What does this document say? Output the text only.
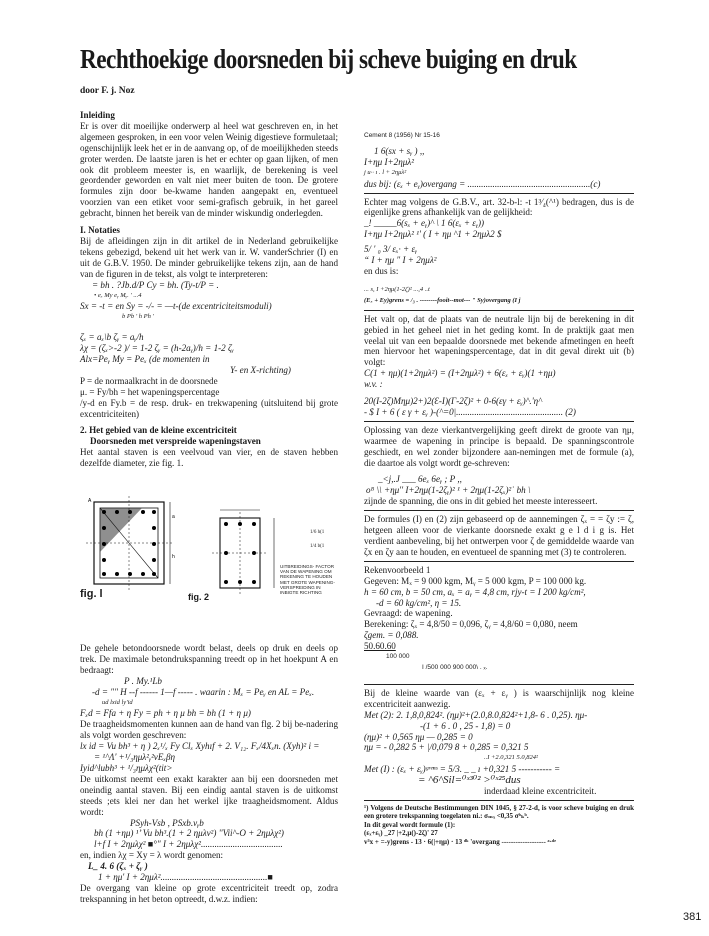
Rechthoekige doorsneden bij scheve buiging en druk
door F. j. Noz

Inleiding

Er is over dit moeilijke onderwerp al heel wat geschreven en, in het algemeen gesproken, in een voor velen Weinig digestieve formuletaal; ogenschijnlijk leek het er in de aanvang op, of de moeilijkheden steeds groter werden. De laatste jaren is het er echter op gaan lijken, of men ook dit probleem meester is, en waarlijk, de berekening is veel geordender geworden en valt niet meer buiten de toon. De grotere formules zijn door be-kwame handen aangepakt en, eventueel voorzien van een etiket voor semi-grafisch gebruik, in het gareel gebracht, binnen het bereik van de minder wiskundig onderlegden.

I. Notaties

Bij de afleidingen zijn in dit artikel de in Nederland gebruikelijke tekens gebezigd, bekend uit het werk van ir. W. vanderSchrier (I) en uit de G.B.V. 1950. De minder gebruikelijke tekens zijn, aan de hand van de figuren in de tekst, als volgt te interpreteren:

= bh . ?Jb.d/P Cy = bh. (Ty-t/P = .

• eₓ My eᵧ Mᵧ. ' ...4

Sx = -t = en Sy = -/- = —t-(de excentriciteitsmoduli)

b Pb ' h Ph '

ζₓ = aₓ\b ζᵧ = aᵧ/h

λχ = (ζₓ>-2 )/ = 1-2 ζᵧ = (h-2aᵧ)/h = 1-2 ζᵧ

Alx=Peᵧ My = Peₓ (de momenten in

Y- en X-richting)

P = de normaalkracht in de doorsnede

μ. = Fy/bh = het wapeningspercentage

/y-d en Fy.b = de resp. druk- en trekwapening (uitsluitend bij grote excentriciteiten)

2. Het gebied van de kleine excentriciteit

Doorsneden met verspreide wapeningstaven

Het aantal staven is een veelvoud van vier, en de staven hebben dezelfde diameter, zie fig. 1.

a
h
A
1/6 h(1
1/4 b(1
UITBREIDINGS- FACTOR VAN DE WAPENING OM REKENING TE HOUDEN MET GROTE WAPENING-VERSPREIDING IN INBIGTE RICHTING
fig. l	fig. 2

De gehele betondoorsnede wordt belast, deels op druk en deels op trek. De maximale betondrukspanning treedt op in het hoekpunt A en bedraagt:

P . My.¹Lb

-d = "" H --f ------ 1—f ----- . waarin : Mₓ = Peᵧ en AL = Peₓ.

ud lxid ly'id

Fₓd = Ffa + η Fy = ph + η μ bh = bh (1 + η μ)

De traagheidsmomenten kunnen aan de hand van flg. 2 bij be-nadering als volgt worden geschreven:

lx id = Vu bh³ + η ) 2ₓ¹/ₓ Fy Clₓ Xyhıf + 2. V₁₂. Fₓ/4Xₓn. (Xyh)² i =

= ¹^Λ' +¹/₃ημλ²ᵧ²νΕₓβη

Iyid^lubh³ + ¹/₃ημλχ²(tit>

De uitkomst neemt een exakt karakter aan bij een doorsneden met oneindig aantal staven. Bij een eindig aantal staven is de uitkomst steeds ;ets klei ner dan het werkel ijke traagheidsmoment. Aldus wordt:

PSyh-Vsb , PSxb.vᵧb

bh (1 +ημ) ¹’ Vu bh³.(1 + 2 ημλν²) ''Vii^-O + 2ημλχ²)

l+f I + 2ημλχ² ■°" I + 2ημλχ²....................................

en, indien λχ = Xy = λ wordt genomen:

L_ 4. 6 (ζₓ + ζᵧ )

1 + ημ' I + 2ημλ²...............................................■

De overgang van kleine op grote excentriciteit treedt op, zodra trekspanning in het beton optreedt, d.w.z. indien:

Cement 8 (1956) Nr 15-16

1 6(sx + sᵧ ) ,,

I+ημ I+2ημλ²

j u·· ı . l + 2ημλ²

dus bij: (εₓ + eᵧ)overgang = ......................................................(c)

Echter mag volgens de G.B.V., art. 32-b-l: -t 1³⁄₄(^¹) bedragen, dus is de eigenlijke grens afhankelijk van de gelijkheid:

_! _____6(sₓ + eᵧ)^ \ 1 6(εₓ + εᵧ))

I+ημ I+2ημλ² ¹' ( I + ημ ^1 + 2ημλ2 $

5/ ' ₀ 3/ εₓ· + εᵧ

“ I + ημ " I + 2ημλ²

en dus is:

... s, I +2ημ(1-2ζ)² ...,4 ..t

(Eₓ + Ey)grens = /₃ . --------fooit--mot--- " Sy)overgang (I j

Het valt op, dat de plaats van de neutrale lijn bij de berekening in dit gebied in het geheel niet in het geding komt. In de praktijk gaat men veelal uit van een bepaalde doorsnede met bekende afmetingen en heeft men hiervoor het wapeningspercentage, dat in dit geval direkt uit (b) volgt:

C(1 + ημ)(1+2ημλ²) = (I+2ημλ²) + 6(εₓ + εᵧ)(1 +ημ)

w.v. :

20(I-2ζ)Mημ)2+)2(Ɛ-I)(Γ-2ζ)² + 0-6(εγ + εᵧ)^.'η^

- $ I + 6 ( ε γ + εᵧ )-(^=0|............................................... (2)

Oplossing van deze vierkantvergelijking geeft direkt de groote van ημ, waarmee de wapening in principe is bepaald. De spanningscontrole geschiedt, en wel zonder bijzondere aan-nemingen met de formule (a), die daartoe als volgt wordt ge-schreven:

_<j,.J ___ 6eₓ 6eᵧ ; P ,,

oᴮ \\ +ημ'' I+2ημ(1-2ζᵧ)² ¹ + 2ημ(1-2ζₓ)²˙ bh \

zijnde de spanning, die ons in dit gebied het meeste interesseert.

De formules (I) en (2) zijn gebaseerd op de aannemingen ζₓ = = ζy := ζ, hetgeen alleen voor de vierkante doorsnede exakt g e l d i g is. Het verdient aanbeveling, bij het ontwerpen voor ζ de gemiddelde waarde van ζx en ζy aan te houden, en eventueel de spanning met (3) te controleren.

Rekenvoorbeeld 1

Gegeven: Mₓ = 9 000 kgm, Mᵧ = 5 000 kgm, P = 100 000 kg.

h = 60 cm, b = 50 cm, aₓ = aᵧ = 4,8 cm, rjy-t = I 200 kg/cm²,

-d = 60 kg/cm², η = 15.

Gevraagd: de wapening.

Berekening: ζₓ = 4,8/50 = 0,096, ζᵧ = 4,8/60 = 0,080, neem

ζgem. = 0,088.

50.60.60

100 000

I /500 000 900 000\ . ₓ.

Bij de kleine waarde van (εₓ + εᵧ ) is waarschijnlijk nog kleine excentriciteit aanwezig.

Met (2): 2. 1,8,0,824². (ημ)²+(2.0,8.0,824²+1,8- 6 . 0,25). ημ-

-(1 + 6 . 0 , 25 - 1,8) = 0

(ημ)² + 0,565 ημ — 0,285 = 0

ημ = - 0,282 5 + |/0,079 8 + 0,285 = 0,321 5

..I +2.0,321 5.0,824²

Met (I) : (εₓ + εᵧ)ᵍʳᵉⁿˢ = 5/3. _ _ ı +0,321 5 ----------- =

= ^6^Sil=⁰ˣ³⁰² >⁰ˣ²⁵dus

inderdaad kleine excentriciteit.

¹) Volgens de Deutsche Bestimmungen DIN 1045, § 27-2-d, is voor scheve buiging en druk een grotere trekspanning toegelaten ni.: σₘₓ <0,35 σᵇₖᵇ.

In dit geval wordt formule (1):

(εₓ+εᵧ) _27 |+2,μ()-2ζ)' 27

v³x + =-y)grens - 13 · 6(|+ημ) · 13 ᵈᵏ 'overgang ------------------- ᵃ·ᵈᵉ

381
